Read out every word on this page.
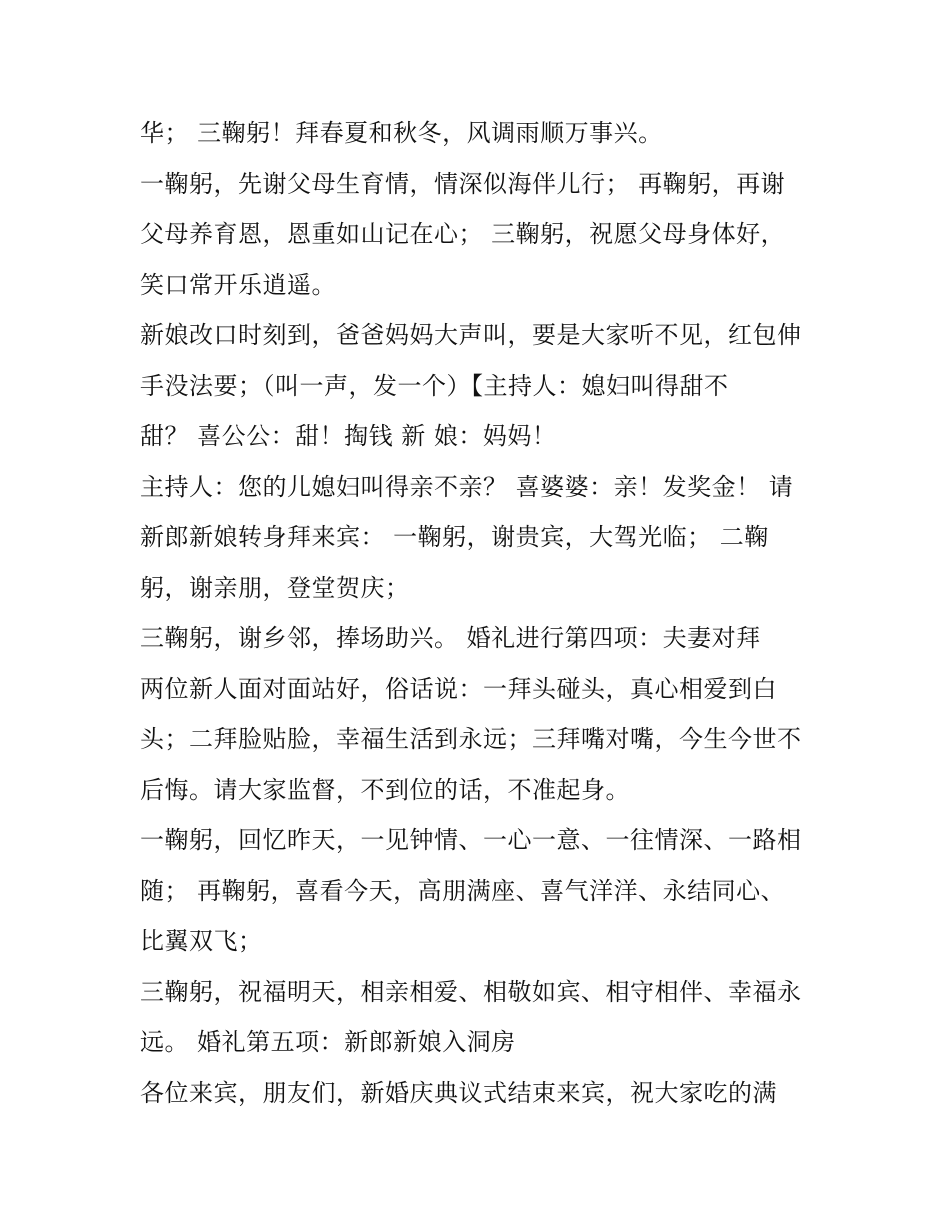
华； 三鞠躬！拜春夏和秋冬，风调雨顺万事兴。
一鞠躬，先谢父母生育情，情深似海伴儿行； 再鞠躬，再谢
父母养育恩，恩重如山记在心； 三鞠躬，祝愿父母身体好，
笑口常开乐逍遥。
新娘改口时刻到，爸爸妈妈大声叫，要是大家听不见，红包伸
手没法要；（叫一声，发一个）【主持人：媳妇叫得甜不
甜？ 喜公公：甜！掏钱 新 娘：妈妈！
主持人：您的儿媳妇叫得亲不亲？ 喜婆婆：亲！发奖金！ 请
新郎新娘转身拜来宾： 一鞠躬，谢贵宾，大驾光临； 二鞠
躬，谢亲朋，登堂贺庆；
三鞠躬，谢乡邻，捧场助兴。 婚礼进行第四项：夫妻对拜
两位新人面对面站好，俗话说：一拜头碰头，真心相爱到白
头；二拜脸贴脸，幸福生活到永远；三拜嘴对嘴，今生今世不
后悔。请大家监督，不到位的话，不准起身。
一鞠躬，回忆昨天，一见钟情、一心一意、一往情深、一路相
随； 再鞠躬，喜看今天，高朋满座、喜气洋洋、永结同心、
比翼双飞；
三鞠躬，祝福明天，相亲相爱、相敬如宾、相守相伴、幸福永
远。 婚礼第五项：新郎新娘入洞房
各位来宾，朋友们，新婚庆典议式结束来宾，祝大家吃的满
